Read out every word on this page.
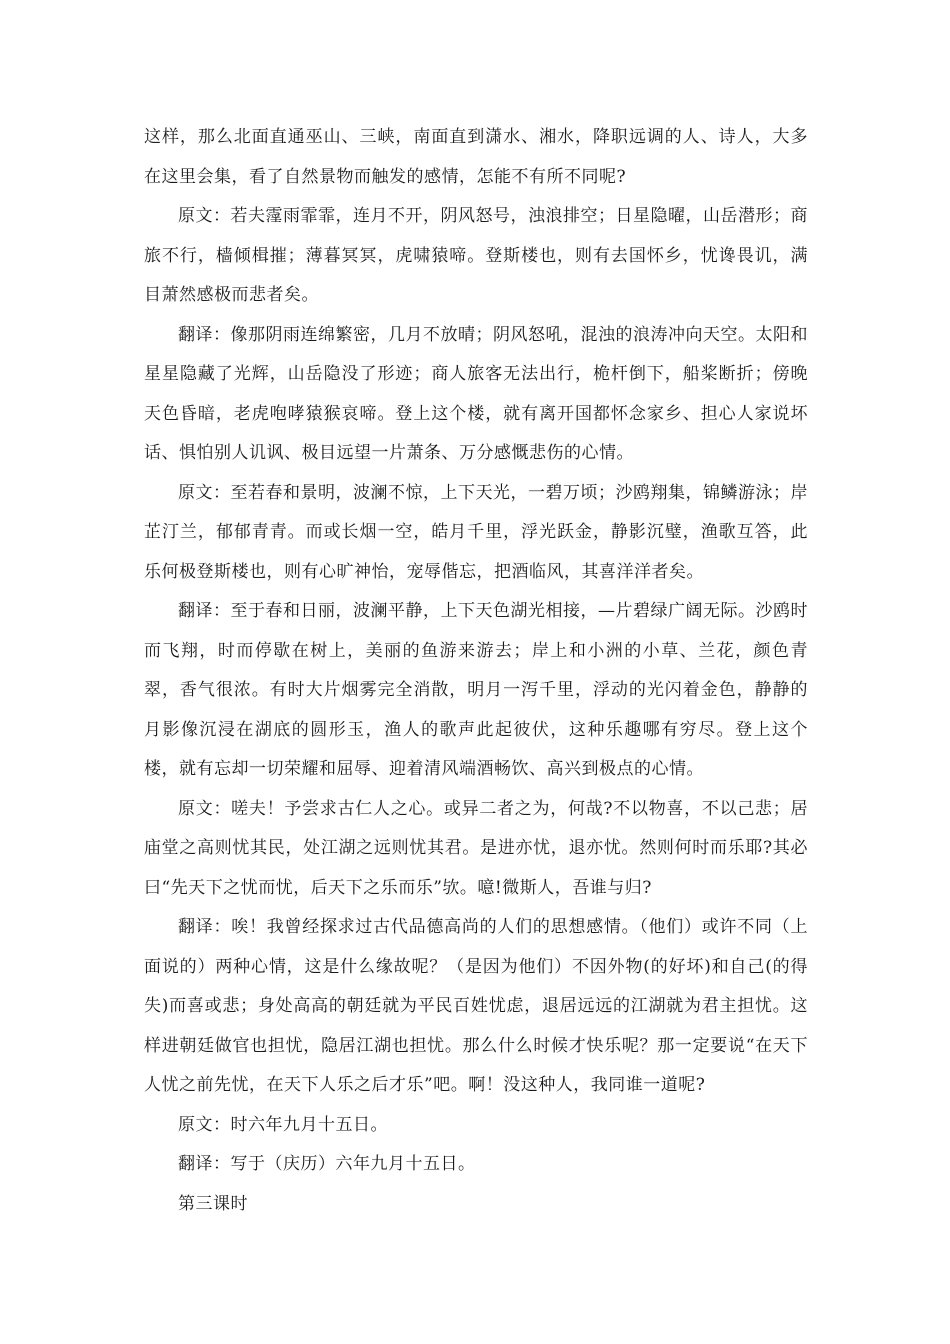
这样，那么北面直通巫山、三峡，南面直到潇水、湘水，降职远调的人、诗人，大多在这里会集，看了自然景物而触发的感情，怎能不有所不同呢?

原文：若夫霪雨霏霏，连月不开，阴风怒号，浊浪排空；日星隐曜，山岳潜形；商旅不行，樯倾楫摧；薄暮冥冥，虎啸猿啼。登斯楼也，则有去国怀乡，忧谗畏讥，满目萧然感极而悲者矣。

翻译：像那阴雨连绵繁密，几月不放晴；阴风怒吼，混浊的浪涛冲向天空。太阳和星星隐藏了光辉，山岳隐没了形迹；商人旅客无法出行，桅杆倒下，船桨断折；傍晚天色昏暗，老虎咆哮猿猴哀啼。登上这个楼，就有离开国都怀念家乡、担心人家说坏话、惧怕别人讥讽、极目远望一片萧条、万分感慨悲伤的心情。

原文：至若春和景明，波澜不惊，上下天光，一碧万顷；沙鸥翔集，锦鳞游泳；岸芷汀兰，郁郁青青。而或长烟一空，皓月千里，浮光跃金，静影沉璧，渔歌互答，此乐何极登斯楼也，则有心旷神怡，宠辱偕忘，把酒临风，其喜洋洋者矣。

翻译：至于春和日丽，波澜平静，上下天色湖光相接，—片碧绿广阔无际。沙鸥时而飞翔，时而停歇在树上，美丽的鱼游来游去；岸上和小洲的小草、兰花，颜色青翠，香气很浓。有时大片烟雾完全消散，明月一泻千里，浮动的光闪着金色，静静的月影像沉浸在湖底的圆形玉，渔人的歌声此起彼伏，这种乐趣哪有穷尽。登上这个楼，就有忘却一切荣耀和屈辱、迎着清风端酒畅饮、高兴到极点的心情。

原文：嗟夫！予尝求古仁人之心。或异二者之为，何哉?不以物喜，不以己悲；居庙堂之高则忧其民，处江湖之远则忧其君。是进亦忧，退亦忧。然则何时而乐耶?其必曰“先天下之忧而忧，后天下之乐而乐”欤。噫!微斯人，吾谁与归?

翻译：唉！我曾经探求过古代品德高尚的人们的思想感情。（他们）或许不同（上面说的）两种心情，这是什么缘故呢？（是因为他们）不因外物(的好坏)和自己(的得失)而喜或悲；身处高高的朝廷就为平民百姓忧虑，退居远远的江湖就为君主担忧。这样进朝廷做官也担忧，隐居江湖也担忧。那么什么时候才快乐呢？那一定要说“在天下人忧之前先忧，在天下人乐之后才乐”吧。啊！没这种人，我同谁一道呢?

原文：时六年九月十五日。

翻译：写于（庆历）六年九月十五日。

第三课时
